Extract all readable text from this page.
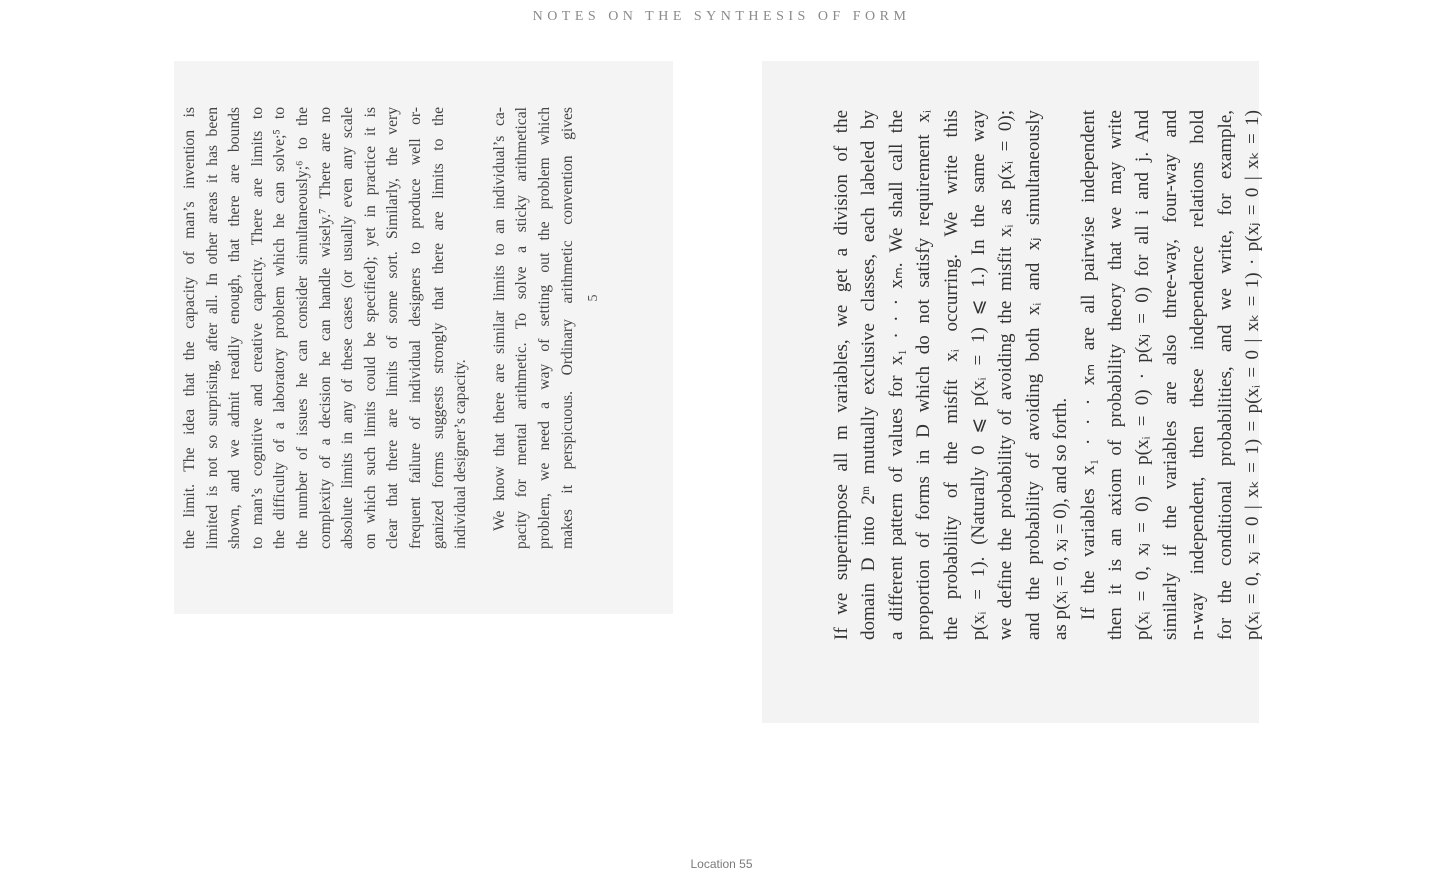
NOTES ON THE SYNTHESIS OF FORM

the limit. The idea that the capacity of man’s invention is limited is not so surprising, after all. In other areas it has been shown, and we admit readily enough, that there are bounds to man’s cognitive and creative capacity. There are limits to the difficulty of a laboratory problem which he can solve;⁵ to the number of issues he can consider simultaneously;⁶ to the complexity of a decision he can handle wisely.⁷ There are no absolute limits in any of these cases (or usually even any scale on which such limits could be specified); yet in practice it is clear that there are limits of some sort. Similarly, the very frequent failure of individual designers to produce well or- ganized forms suggests strongly that there are limits to the individual designer’s capacity. We know that there are similar limits to an individual’s ca- pacity for mental arithmetic. To solve a sticky arithmetical problem, we need a way of setting out the problem which makes it perspicuous. Ordinary arithmetic convention gives 5	If we superimpose all m variables, we get a division of the domain D into 2ᵐ mutually exclusive classes, each labeled by a different pattern of values for x₁ · · · xₘ. We shall call the proportion of forms in D which do not satisfy requirement xᵢ the probability of the misfit xᵢ occurring. We write this p(xᵢ = 1). (Naturally 0 ⩽ p(xᵢ = 1) ⩽ 1.) In the same way we define the probability of avoiding the misfit xᵢ as p(xᵢ = 0); and the probability of avoiding both xᵢ and xⱼ simultaneously as p(xᵢ = 0, xⱼ = 0), and so forth. If the variables x₁ · · · xₘ are all pairwise independent then it is an axiom of probability theory that we may write p(xᵢ = 0, xⱼ = 0) = p(xᵢ = 0) · p(xⱼ = 0) for all i and j. And similarly if the variables are also three-way, four-way and n-way independent, then these independence relations hold for the conditional probabilities, and we write, for example, p(xᵢ = 0, xⱼ = 0 | xₖ = 1) = p(xᵢ = 0 | xₖ = 1) · p(xⱼ = 0 | xₖ = 1)

Location 55
